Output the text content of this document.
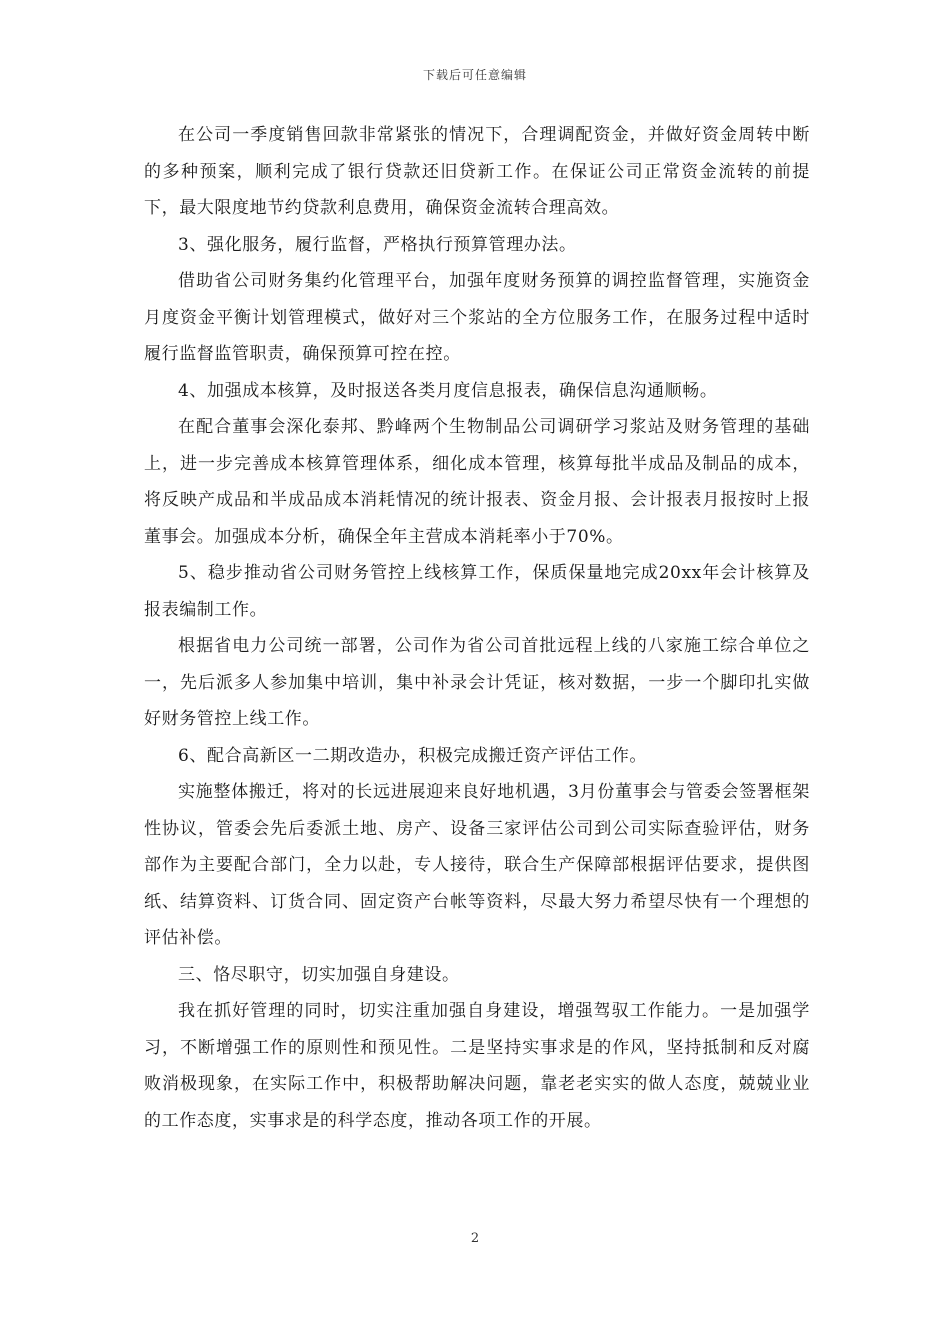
下载后可任意编辑

在公司一季度销售回款非常紧张的情况下，合理调配资金，并做好资金周转中断的多种预案，顺利完成了银行贷款还旧贷新工作。在保证公司正常资金流转的前提下，最大限度地节约贷款利息费用，确保资金流转合理高效。

3、强化服务，履行监督，严格执行预算管理办法。

借助省公司财务集约化管理平台，加强年度财务预算的调控监督管理，实施资金月度资金平衡计划管理模式，做好对三个浆站的全方位服务工作，在服务过程中适时履行监督监管职责，确保预算可控在控。

4、加强成本核算，及时报送各类月度信息报表，确保信息沟通顺畅。

在配合董事会深化泰邦、黔峰两个生物制品公司调研学习浆站及财务管理的基础上，进一步完善成本核算管理体系，细化成本管理，核算每批半成品及制品的成本，将反映产成品和半成品成本消耗情况的统计报表、资金月报、会计报表月报按时上报董事会。加强成本分析，确保全年主营成本消耗率小于70%。

5、稳步推动省公司财务管控上线核算工作，保质保量地完成20xx年会计核算及报表编制工作。

根据省电力公司统一部署，公司作为省公司首批远程上线的八家施工综合单位之一，先后派多人参加集中培训，集中补录会计凭证，核对数据，一步一个脚印扎实做好财务管控上线工作。

6、配合高新区一二期改造办，积极完成搬迁资产评估工作。

实施整体搬迁，将对的长远进展迎来良好地机遇，3月份董事会与管委会签署框架性协议，管委会先后委派土地、房产、设备三家评估公司到公司实际查验评估，财务部作为主要配合部门，全力以赴，专人接待，联合生产保障部根据评估要求，提供图纸、结算资料、订货合同、固定资产台帐等资料，尽最大努力希望尽快有一个理想的评估补偿。

三、恪尽职守，切实加强自身建设。

我在抓好管理的同时，切实注重加强自身建设，增强驾驭工作能力。一是加强学习，不断增强工作的原则性和预见性。二是坚持实事求是的作风，坚持抵制和反对腐败消极现象，在实际工作中，积极帮助解决问题，靠老老实实的做人态度，兢兢业业的工作态度，实事求是的科学态度，推动各项工作的开展。

2
